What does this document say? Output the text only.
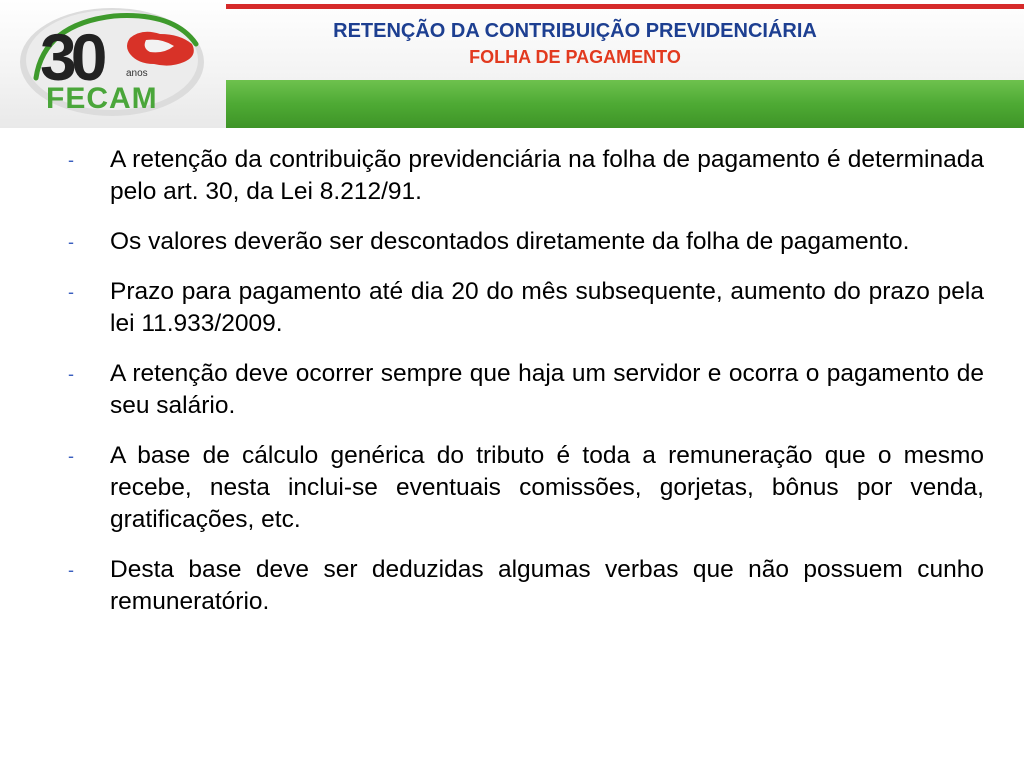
RETENÇÃO DA CONTRIBUIÇÃO PREVIDENCIÁRIA
FOLHA DE PAGAMENTO
30	anos
FECAM
- A retenção da contribuição previdenciária na folha de pagamento é determinada pelo art. 30, da Lei 8.212/91.
- Os valores deverão ser descontados diretamente da folha de pagamento.
- Prazo para pagamento até dia 20 do mês subsequente, aumento do prazo pela lei 11.933/2009.
- A retenção deve ocorrer sempre que haja um servidor e ocorra o pagamento de seu salário.
- A base de cálculo genérica do tributo é toda a remuneração que o mesmo recebe, nesta inclui-se eventuais comissões, gorjetas, bônus por venda, gratificações, etc.
- Desta base deve ser deduzidas algumas verbas que não possuem cunho remuneratório.
